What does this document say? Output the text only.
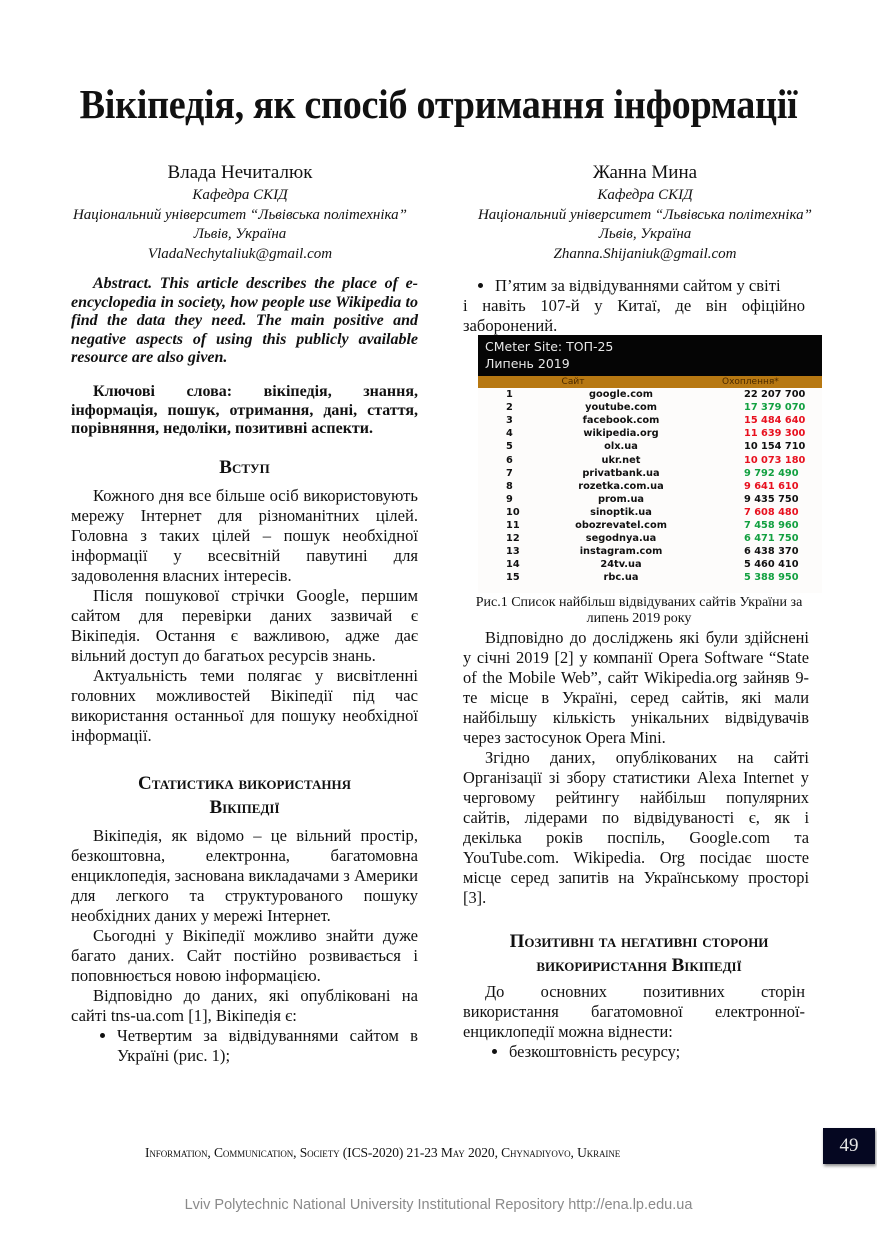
Вікіпедія, як спосіб отримання інформації
Влада Нечиталюк
Кафедра СКІД
Національний університет “Львівська політехніка”
Львів, Україна
VladaNechytaliuk@gmail.com
Жанна Мина
Кафедра СКІД
Національний університет “Львівська політехніка”
Львів, Україна
Zhanna.Shijaniuk@gmail.com
Abstract. This article describes the place of e-encyclopedia in society, how people use Wikipedia to find the data they need. The main positive and negative aspects of using this publicly available resource are also given.
Ключові слова: вікіпедія, знання, інформація, пошук, отримання, дані, стаття, порівняння, недоліки, позитивні аспекти.
Вступ

Кожного дня все більше осіб використовують мережу Інтернет для різноманітних цілей. Головна з таких цілей – пошук необхідної інформації у всесвітній павутині для задоволення власних інтересів.

Після пошукової стрічки Google, першим сайтом для перевірки даних зазвичай є Вікіпедія. Остання є важливою, адже дає вільний доступ до багатьох ресурсів знань.

Актуальність теми полягає у висвітленні головних можливостей Вікіпедії під час використання останньої для пошуку необхідної інформації.

Статистика використання
Вікіпедії

Вікіпедія, як відомо – це вільний простір, безкоштовна, електронна, багатомовна енциклопедія, заснована викладачами з Америки для легкого та структурованого пошуку необхідних даних у мережі Інтернет.

Сьогодні у Вікіпедії можливо знайти дуже багато даних. Сайт постійно розвивається і поповнюється новою інформацією.

Відповідно до даних, які опубліковані на сайті tns-ua.com [1], Вікіпедія є:

• Четвертим за відвідуваннями сайтом в Україні (рис. 1);
• П’ятим за відвідуваннями сайтом у світі

і навіть 107-й у Китаї, де він офіційно заборонений.

CMeter Site: ТОП-25
Липень 2019
Сайт	Охоплення*
1	google.com	22 207 700
2	youtube.com	17 379 070
3	facebook.com	15 484 640
4	wikipedia.org	11 639 300
5	olx.ua	10 154 710
6	ukr.net	10 073 180
7	privatbank.ua	9 792 490
8	rozetka.com.ua	9 641 610
9	prom.ua	9 435 750
10	sinoptik.ua	7 608 480
11	obozrevatel.com	7 458 960
12	segodnya.ua	6 471 750
13	instagram.com	6 438 370
14	24tv.ua	5 460 410
15	rbc.ua	5 388 950
Рис.1 Список найбільш відвідуваних сайтів України за липень 2019 року

Відповідно до досліджень які були здійснені у січні 2019 [2] у компанії Opera Software “State of the Mobile Web”, сайт Wikipedia.org зайняв 9-те місце в Україні, серед сайтів, які мали найбільшу кількість унікальних відвідувачів через застосунок Opera Mini.

Згідно даних, опублікованих на сайті Організації зі збору статистики Alexa Internet у черговому рейтингу найбільш популярних сайтів, лідерами по відвідуваності є, як і декілька років поспіль, Google.com та YouTube.com. Wikipedia. Org посідає шосте місце серед запитів на Українському просторі [3].

Позитивні та негативні сторони
викориристання Вікіпедії

До основних позитивних сторін використання багатомовної електронної-енциклопедії можна віднести:

• безкоштовність ресурсу;
Information, Communication, Society (ICS-2020) 21-23 May 2020, Chynadiyovo, Ukraine	49
Lviv Polytechnic National University Institutional Repository http://ena.lp.edu.ua
